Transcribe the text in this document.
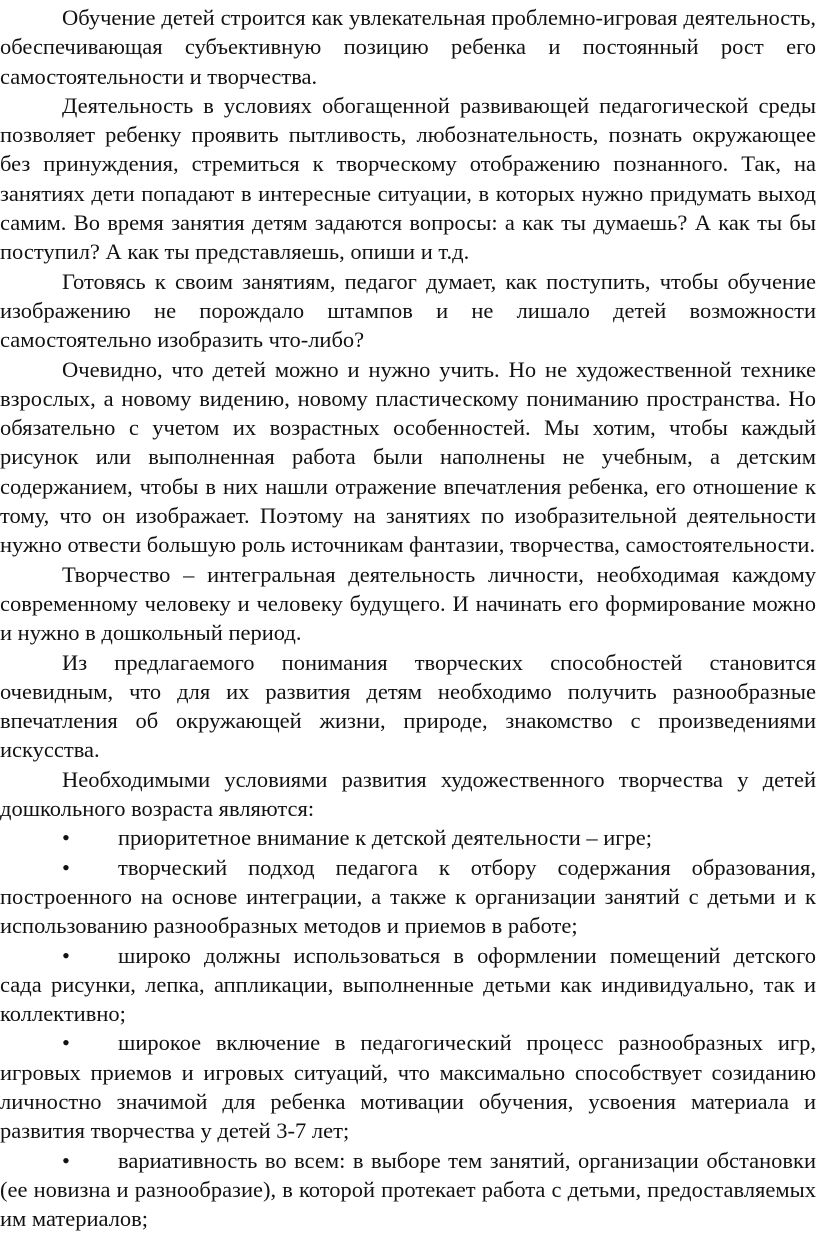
Обучение детей строится как увлекательная проблемно-игровая деятельность, обеспечивающая субъективную позицию ребенка и постоянный рост его самостоятельности и творчества.

Деятельность в условиях обогащенной развивающей педагогической среды позволяет ребенку проявить пытливость, любознательность, познать окружающее без принуждения, стремиться к творческому отображению познанного. Так, на занятиях дети попадают в интересные ситуации, в которых нужно придумать выход самим. Во время занятия детям задаются вопросы: а как ты думаешь? А как ты бы поступил? А как ты представляешь, опиши и т.д.

Готовясь к своим занятиям, педагог думает, как поступить, чтобы обучение изображению не порождало штампов и не лишало детей возможности самостоятельно изобразить что-либо?

Очевидно, что детей можно и нужно учить. Но не художественной технике взрослых, а новому видению, новому пластическому пониманию пространства. Но обязательно с учетом их возрастных особенностей. Мы хотим, чтобы каждый рисунок или выполненная работа были наполнены не учебным, а детским содержанием, чтобы в них нашли отражение впечатления ребенка, его отношение к тому, что он изображает. Поэтому на занятиях по изобразительной деятельности нужно отвести большую роль источникам фантазии, творчества, самостоятельности.

Творчество – интегральная деятельность личности, необходимая каждому современному человеку и человеку будущего. И начинать его формирование можно и нужно в дошкольный период.

Из предлагаемого понимания творческих способностей становится очевидным, что для их развития детям необходимо получить разнообразные впечатления об окружающей жизни, природе, знакомство с произведениями искусства.

Необходимыми условиями развития художественного творчества у детей дошкольного возраста являются:

• приоритетное внимание к детской деятельности – игре;

• творческий подход педагога к отбору содержания образования, построенного на основе интеграции, а также к организации занятий с детьми и к использованию разнообразных методов и приемов в работе;

• широко должны использоваться в оформлении помещений детского сада рисунки, лепка, аппликации, выполненные детьми как индивидуально, так и коллективно;

• широкое включение в педагогический процесс разнообразных игр, игровых приемов и игровых ситуаций, что максимально способствует созиданию личностно значимой для ребенка мотивации обучения, усвоения материала и развития творчества у детей 3-7 лет;

• вариативность во всем: в выборе тем занятий, организации обстановки (ее новизна и разнообразие), в которой протекает работа с детьми, предоставляемых им материалов;
